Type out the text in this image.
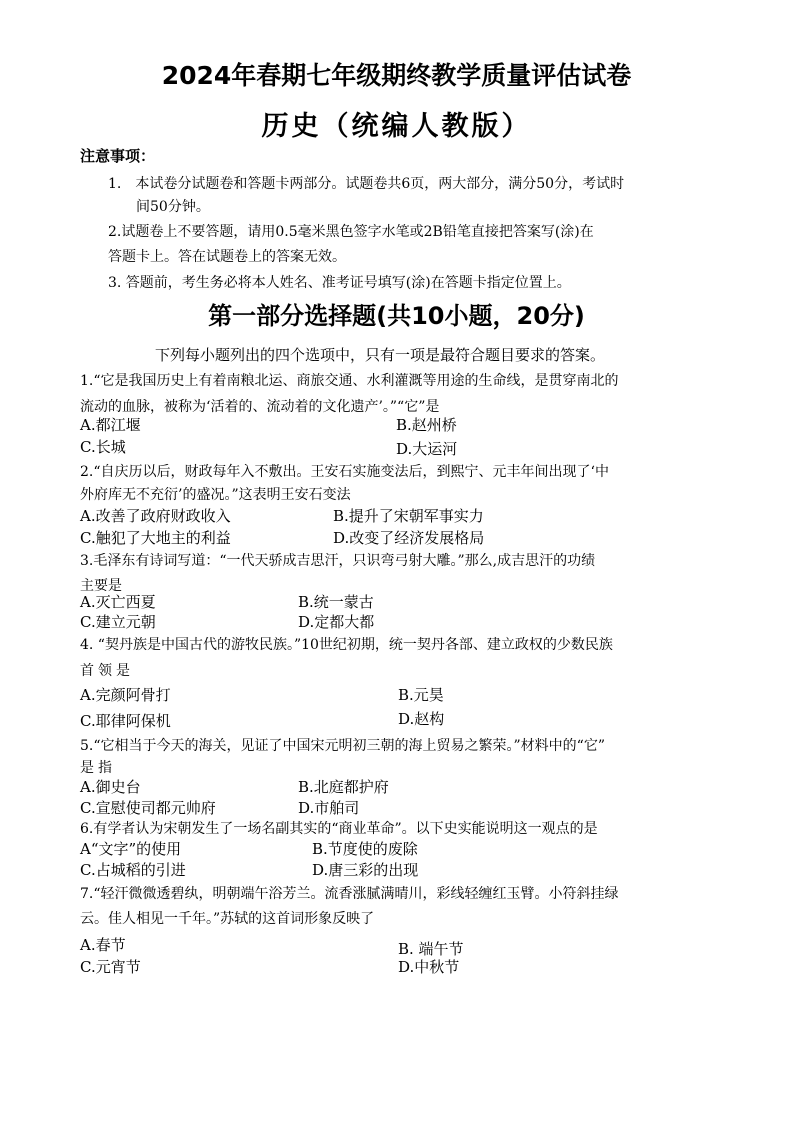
2024年春期七年级期终教学质量评估试卷
历史（统编人教版）
注意事项：
1.　本试卷分试题卷和答题卡两部分。试题卷共6页，两大部分，满分50分，考试时
间50分钟。
2.试题卷上不要答题，请用0.5毫米黑色签字水笔或2B铅笔直接把答案写(涂)在
答题卡上。答在试题卷上的答案无效。
3. 答题前，考生务必将本人姓名、准考证号填写(涂)在答题卡指定位置上。
第一部分选择题(共10小题，20分)
下列每小题列出的四个选项中，只有一项是最符合题目要求的答案。
1.“它是我国历史上有着南粮北运、商旅交通、水利灌溉等用途的生命线，是贯穿南北的
流动的血脉，被称为‘活着的、流动着的文化遗产’。”“它”是
A.都江堰	B.赵州桥
C.长城	D.大运河
2.“自庆历以后，财政每年入不敷出。王安石实施变法后，到熙宁、元丰年间出现了‘中
外府库无不充衍’的盛况。”这表明王安石变法
A.改善了政府财政收入	B.提升了宋朝军事实力
C.触犯了大地主的利益	D.改变了经济发展格局
3.毛泽东有诗词写道：“一代天骄成吉思汗，只识弯弓射大雕。”那么,成吉思汗的功绩
主要是
A.灭亡西夏	B.统一蒙古
C.建立元朝	D.定都大都
4. “契丹族是中国古代的游牧民族。”10世纪初期，统一契丹各部、建立政权的少数民族
首领是
A.完颜阿骨打	B.元昊
C.耶律阿保机	D.赵构
5.“它相当于今天的海关，见证了中国宋元明初三朝的海上贸易之繁荣。”材料中的“它”
是指
A.御史台	B.北庭都护府
C.宣慰使司都元帅府	D.市舶司
6.有学者认为宋朝发生了一场名副其实的“商业革命”。以下史实能说明这一观点的是
A“文字”的使用	B.节度使的废除
C.占城稻的引进	D.唐三彩的出现
7.“轻汗微微透碧纨，明朝端午浴芳兰。流香涨腻满晴川，彩线轻缠红玉臂。小符斜挂绿
云。佳人相见一千年。”苏轼的这首词形象反映了
A.春节	B. 端午节
C.元宵节	D.中秋节
